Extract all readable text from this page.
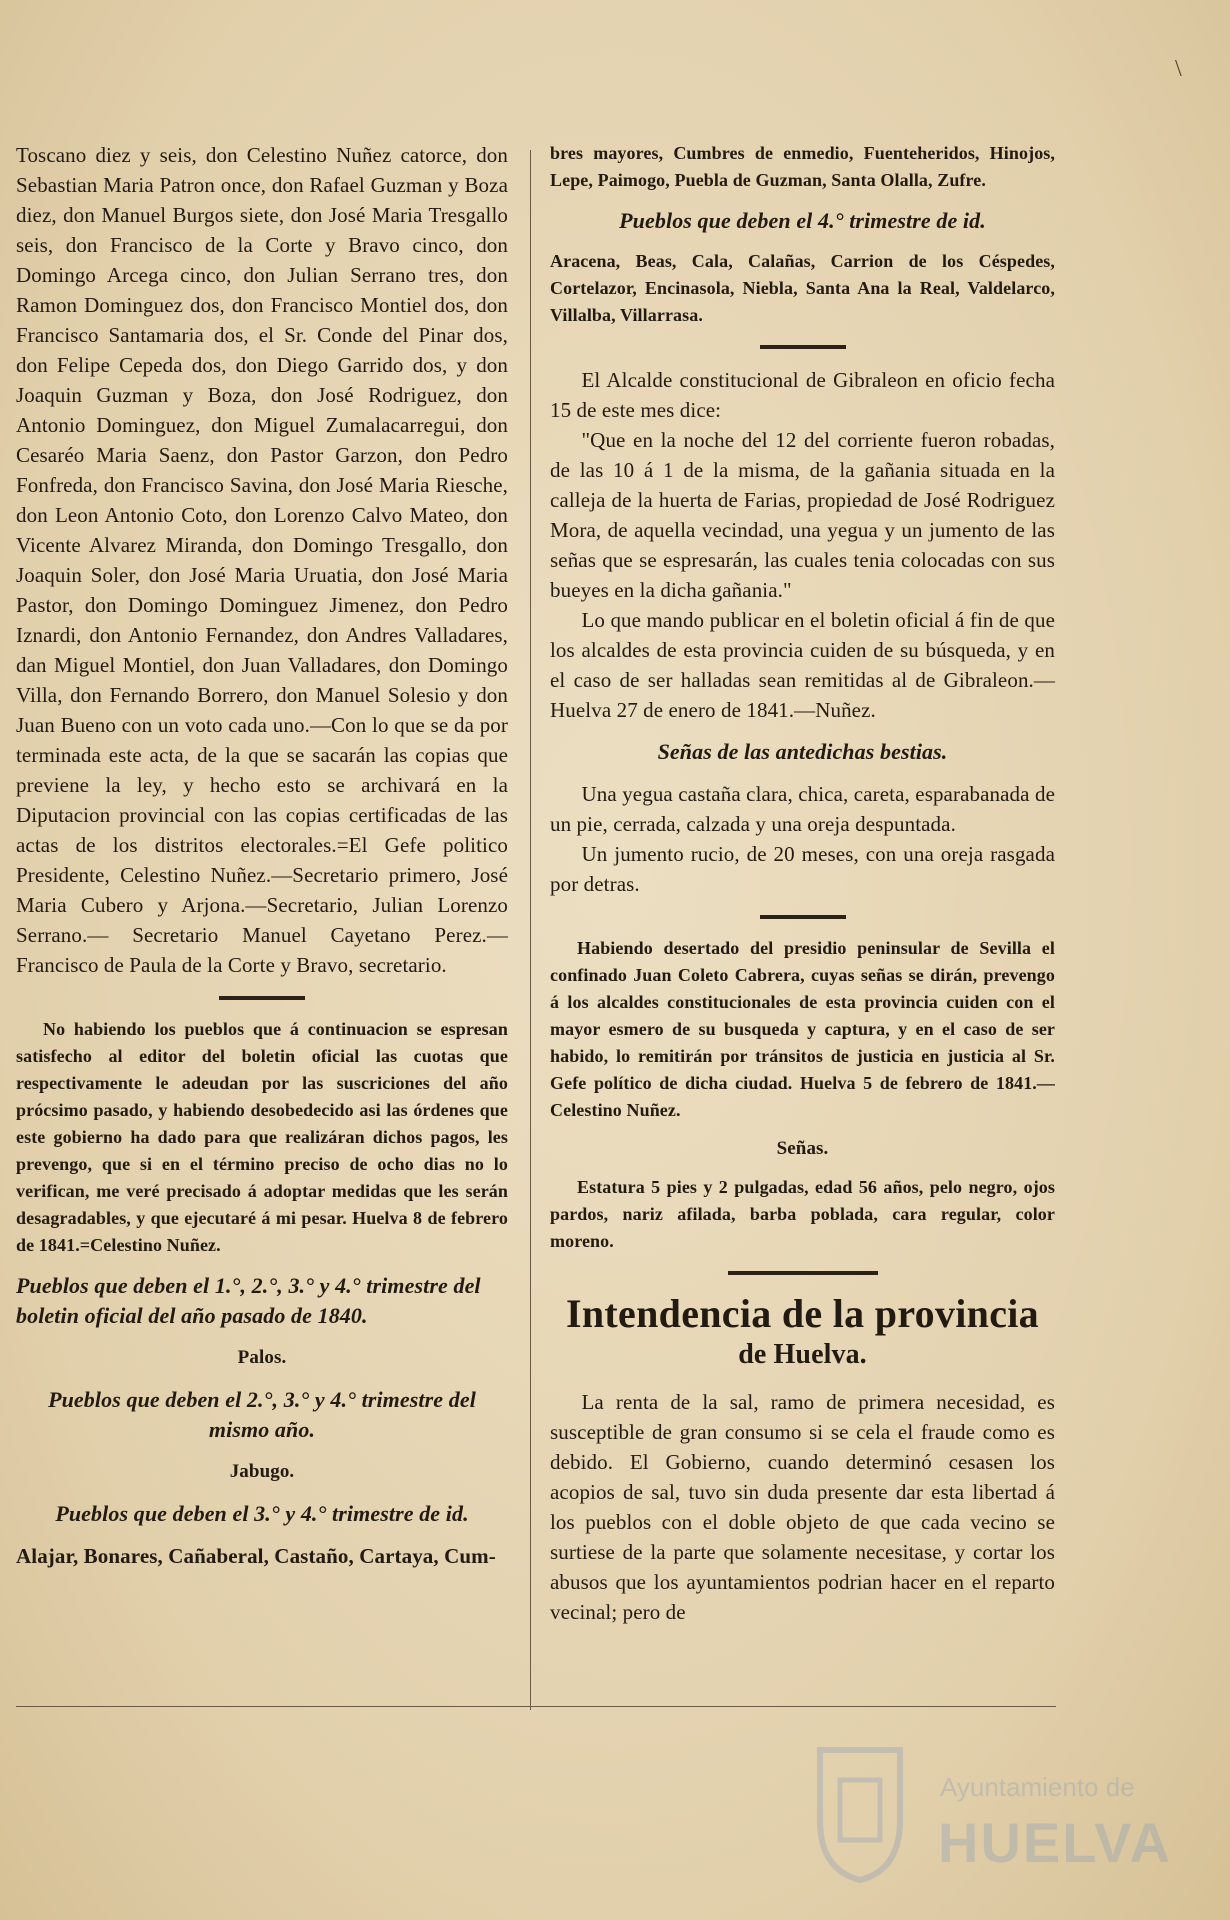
\

Toscano diez y seis, don Celestino Nuñez catorce, don Sebastian Maria Patron once, don Rafael Guzman y Boza diez, don Manuel Burgos siete, don José Maria Tresgallo seis, don Francisco de la Corte y Bravo cinco, don Domingo Arcega cinco, don Julian Serrano tres, don Ramon Dominguez dos, don Francisco Montiel dos, don Francisco Santamaria dos, el Sr. Conde del Pinar dos, don Felipe Cepeda dos, don Diego Garrido dos, y don Joaquin Guzman y Boza, don José Rodriguez, don Antonio Dominguez, don Miguel Zumalacarregui, don Cesaréo Maria Saenz, don Pastor Garzon, don Pedro Fonfreda, don Francisco Savina, don José Maria Riesche, don Leon Antonio Coto, don Lorenzo Calvo Mateo, don Vicente Alvarez Miranda, don Domingo Tresgallo, don Joaquin Soler, don José Maria Uruatia, don José Maria Pastor, don Domingo Dominguez Jimenez, don Pedro Iznardi, don Antonio Fernandez, don Andres Valladares, dan Miguel Montiel, don Juan Valladares, don Domingo Villa, don Fernando Borrero, don Manuel Solesio y don Juan Bueno con un voto cada uno.—Con lo que se da por terminada este acta, de la que se sacarán las copias que previene la ley, y hecho esto se archivará en la Diputacion provincial con las copias certificadas de las actas de los distritos electorales.=El Gefe politico Presidente, Celestino Nuñez.—Secretario primero, José Maria Cubero y Arjona.—Secretario, Julian Lorenzo Serrano.— Secretario Manuel Cayetano Perez.—Francisco de Paula de la Corte y Bravo, secretario.

No habiendo los pueblos que á continuacion se espresan satisfecho al editor del boletin oficial las cuotas que respectivamente le adeudan por las suscriciones del año prócsimo pasado, y habiendo desobedecido asi las órdenes que este gobierno ha dado para que realizáran dichos pagos, les prevengo, que si en el término preciso de ocho dias no lo verifican, me veré precisado á adoptar medidas que les serán desagradables, y que ejecutaré á mi pesar. Huelva 8 de febrero de 1841.=Celestino Nuñez.

Pueblos que deben el 1.°, 2.°, 3.° y 4.° trimestre del boletin oficial del año pasado de 1840.

Palos.

Pueblos que deben el 2.°, 3.° y 4.° trimestre del mismo año.

Jabugo.

Pueblos que deben el 3.° y 4.° trimestre de id.

Alajar, Bonares, Cañaberal, Castaño, Cartaya, Cum-

bres mayores, Cumbres de enmedio, Fuenteheridos, Hinojos, Lepe, Paimogo, Puebla de Guzman, Santa Olalla, Zufre.

Pueblos que deben el 4.° trimestre de id.

Aracena, Beas, Cala, Calañas, Carrion de los Céspedes, Cortelazor, Encinasola, Niebla, Santa Ana la Real, Valdelarco, Villalba, Villarrasa.

El Alcalde constitucional de Gibraleon en oficio fecha 15 de este mes dice:

"Que en la noche del 12 del corriente fueron robadas, de las 10 á 1 de la misma, de la gañania situada en la calleja de la huerta de Farias, propiedad de José Rodriguez Mora, de aquella vecindad, una yegua y un jumento de las señas que se espresarán, las cuales tenia colocadas con sus bueyes en la dicha gañania."

Lo que mando publicar en el boletin oficial á fin de que los alcaldes de esta provincia cuiden de su búsqueda, y en el caso de ser halladas sean remitidas al de Gibraleon.—Huelva 27 de enero de 1841.—Nuñez.

Señas de las antedichas bestias.

Una yegua castaña clara, chica, careta, esparabanada de un pie, cerrada, calzada y una oreja despuntada.

Un jumento rucio, de 20 meses, con una oreja rasgada por detras.

Habiendo desertado del presidio peninsular de Sevilla el confinado Juan Coleto Cabrera, cuyas señas se dirán, prevengo á los alcaldes constitucionales de esta provincia cuiden con el mayor esmero de su busqueda y captura, y en el caso de ser habido, lo remitirán por tránsitos de justicia en justicia al Sr. Gefe político de dicha ciudad. Huelva 5 de febrero de 1841.—Celestino Nuñez.

Señas.

Estatura 5 pies y 2 pulgadas, edad 56 años, pelo negro, ojos pardos, nariz afilada, barba poblada, cara regular, color moreno.

Intendencia de la provincia

de Huelva.

La renta de la sal, ramo de primera necesidad, es susceptible de gran consumo si se cela el fraude como es debido. El Gobierno, cuando determinó cesasen los acopios de sal, tuvo sin duda presente dar esta libertad á los pueblos con el doble objeto de que cada vecino se surtiese de la parte que solamente necesitase, y cortar los abusos que los ayuntamientos podrian hacer en el reparto vecinal; pero de

Ayuntamiento de
HUELVA
